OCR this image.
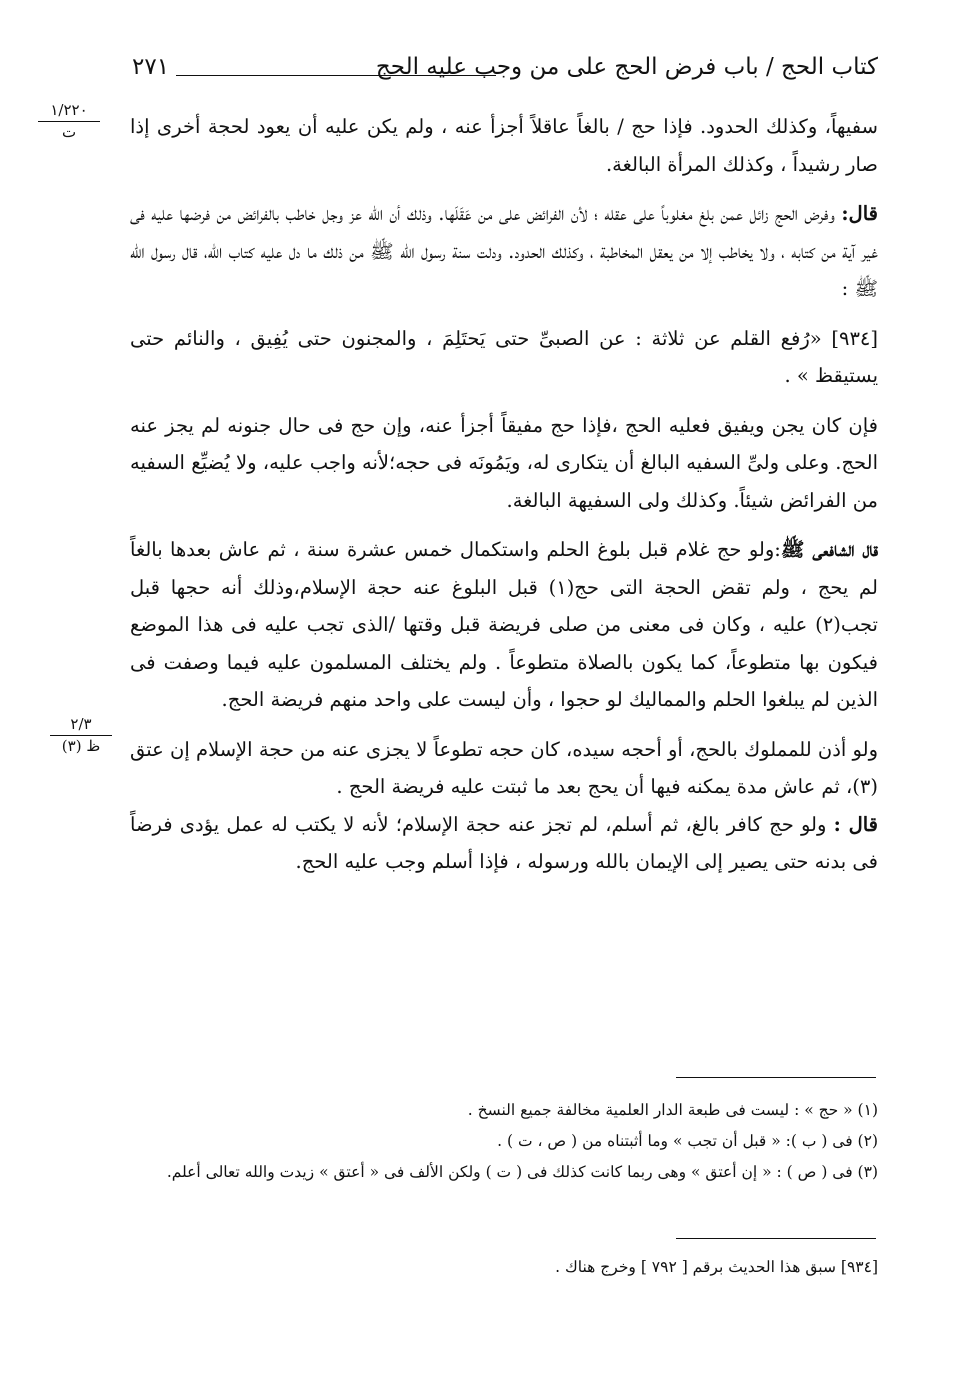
كتاب الحج / باب فرض الحج على من وجب عليه الحج
٢٧١
١/٢٢٠
ت
٢/٣
ظ (٣)

سفيهاً، وكذلك الحدود. فإذا حج / بالغاً عاقلاً أجزأ عنه ، ولم يكن عليه أن يعود لحجة أخرى إذا صار رشيداً ، وكذلك المرأة البالغة.

قال: وفرض الحج زائل عمن بلغ مغلوباً على عقله ؛ لأن الفرائض على من عَقَلَها. وذلك أن الله عز وجل خاطب بالفرائض من فرضها عليه فى غير آية من كتابه ، ولا يخاطب إلا من يعقل المخاطبة ، وكذلك الحدود. ودلت سنة رسول الله ﷺ من ذلك ما دل عليه كتاب الله، قال رسول الله ﷺ :

[٩٣٤] «رُفع القلم عن ثلاثة : عن الصبىِّ حتى يَحتَلِمَ ، والمجنون حتى يُفِيق ، والنائم حتى يستيقظ » .

فإن كان يجن ويفيق فعليه الحج ،فإذا حج مفيقاً أجزأ عنه، وإن حج فى حال جنونه لم يجز عنه الحج. وعلى ولىِّ السفيه البالغ أن يتكارى له، ويَمُونَه فى حجه؛لأنه واجب عليه، ولا يُضيِّع السفيه من الفرائض شيئاً. وكذلك ولى السفيهة البالغة.

قال الشافعى ﷺ:ولو حج غلام قبل بلوغ الحلم واستكمال خمس عشرة سنة ، ثم عاش بعدها بالغاً لم يحج ، ولم تقض الحجة التى حج(١) قبل البلوغ عنه حجة الإسلام،وذلك أنه حجها قبل تجب(٢) عليه ، وكان فى معنى من صلى فريضة قبل وقتها /الذى تجب عليه فى هذا الموضع فيكون بها متطوعاً، كما يكون بالصلاة متطوعاً . ولم يختلف المسلمون عليه فيما وصفت فى الذين لم يبلغوا الحلم والمماليك لو حجوا ، وأن ليست على واحد منهم فريضة الحج.

ولو أذن للمملوك بالحج، أو أحجه سيده، كان حجه تطوعاً لا يجزى عنه من حجة الإسلام إن عتق (٣)، ثم عاش مدة يمكنه فيها أن يحج بعد ما ثبتت عليه فريضة الحج .

قال : ولو حج كافر بالغ، ثم أسلم، لم تجز عنه حجة الإسلام؛ لأنه لا يكتب له عمل يؤدى فرضاً فى بدنه حتى يصير إلى الإيمان بالله ورسوله ، فإذا أسلم وجب عليه الحج.

(١) « حج » : ليست فى طبعة الدار العلمية مخالفة جميع النسخ .

(٢) فى ( ب ): « قبل أن تجب » وما أثبتناه من ( ص ، ت ) .

(٣) فى ( ص ) : « إن أعتق » وهى ربما كانت كذلك فى ( ت ) ولكن الألف فى « أعتق » زيدت والله تعالى أعلم.

[٩٣٤] سبق هذا الحديث برقم [ ٧٩٢ ] وخرج هناك .
